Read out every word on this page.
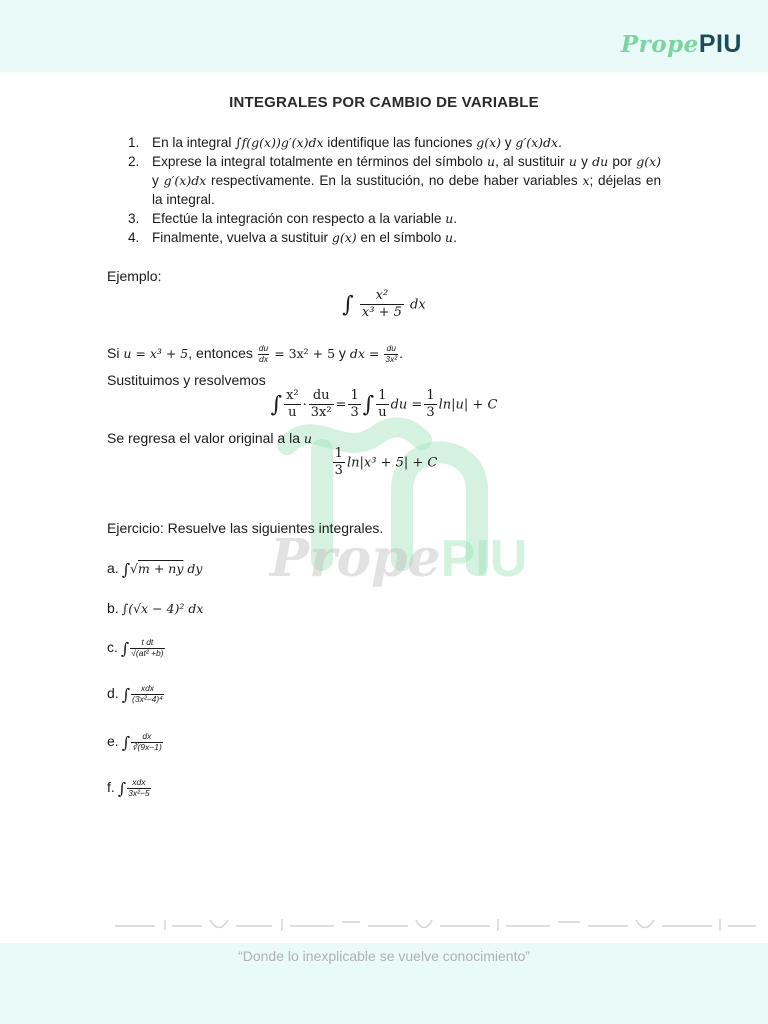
PropePIU
PropePIU
INTEGRALES POR CAMBIO DE VARIABLE
1. En la integral ∫f(g(x))g′(x)dx identifique las funciones g(x) y g′(x)dx.
2. Exprese la integral totalmente en términos del símbolo u, al sustituir u y du por g(x) y g′(x)dx respectivamente. En la sustitución, no debe haber variables x; déjelas en la integral.
3. Efectúe la integración con respecto a la variable u.
4. Finalmente, vuelva a sustituir g(x) en el símbolo u.
Ejemplo:
∫ $\frac{\text{x²}}{\text{x³ + 5}}$ dx
Si u = x³ + 5, entonces $\frac{du}{dx} = 3x^2 + 5$ y dx = $\frac{du}{\text{3x²}}$ .
Sustituimos y resolvemos
∫ $\frac{\text{x²}}{u} \cdot \frac{du}{\text{3x²}} = \frac{1}{3}$ ∫ $\frac{1}{u}$ du = $\frac{1}{3} \ln|u| + C$
Se regresa el valor original a la u
$\frac{1}{3} \ln|x^3 + 5| + C$
Ejercicio: Resuelve las siguientes integrales.
a. ∫√m + ny dy
b. ∫(√x − 4)² dx
c. ∫ $\frac{\text{t dt}}{\text{√(at² +b)}}$
d. ∫	xdx
(3x²−4)⁴
e. ∫ $\frac{dx}{∛(9x-1)}$
f. ∫ xdx
3x²−5
“Donde lo inexplicable se vuelve conocimiento”
